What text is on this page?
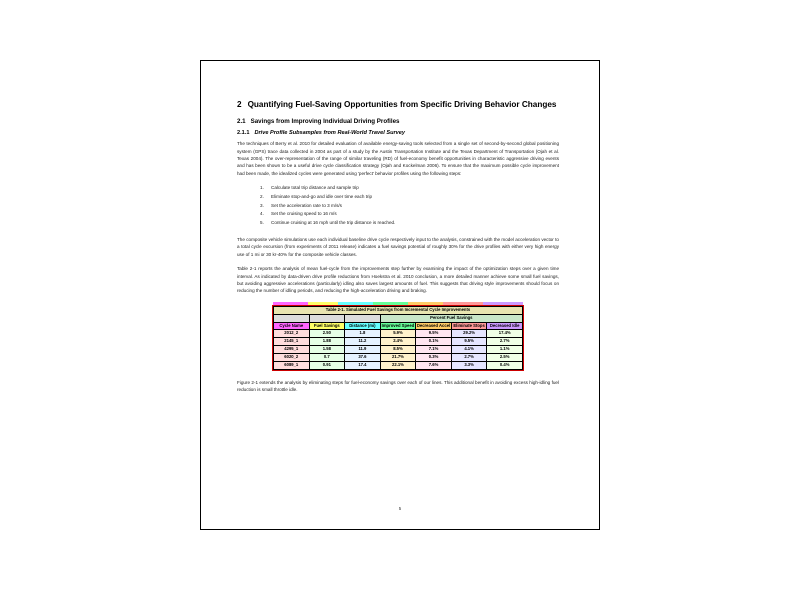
2 Quantifying Fuel-Saving Opportunities from Specific Driving Behavior Changes
2.1 Savings from Improving Individual Driving Profiles
2.1.1 Drive Profile Subsamples from Real-World Travel Survey

The techniques of Berry et al. 2010 for detailed evaluation of available energy-saving tools selected from a single set of second-by-second global positioning system (GPS) trace data collected in 2004 as part of a study by the Austin Transportation Institute and the Texas Department of Transportation (Ojah et al. Texas 2004). The over-representation of the range of similar traveling (RD) of fuel-economy benefit opportunities in characteristic aggressive driving events and has been shown to be a useful drive cycle classification strategy (Ojah and Kockelman 2006). To ensure that the maximum possible cycle improvement had been made, the idealized cycles were generated using 'perfect' behavior profiles using the following steps:

Calculate total trip distance and sample trip
Eliminate stop-and-go and idle over time each trip
Set the acceleration rate to 3 m/s/s
Set the cruising speed to 16 m/s
Continue cruising at 16 mph until the trip distance is reached.

The composite vehicle simulations use each individual baseline drive cycle respectively input to the analysis, constrained with the model acceleration vector to a total cycle excursion (from experiments of 2011 release) indicates a fuel savings potential of roughly 30% for the drive profiles with either very high energy use of 1 mi or 30 kr-40% for the composite vehicle classes.

Table 2-1 reports the analysis of mean fuel-cycle from the improvements step further by examining the impact of the optimization steps over a given time interval. As indicated by data-driven drive profile reductions from Hoekstra et al. 2010 conclusion, a more detailed manner achieve some small fuel savings, but avoiding aggressive accelerations (particularly) idling also saves largest amounts of fuel. This suggests that driving style improvements should focus on reducing the number of idling periods, and reducing the high-acceleration driving and braking.

Table 2-1. Simulated Fuel Savings from Incremental Cycle Improvements						
			Percent Fuel Savings			
Cycle Name	Fuel Savings	Distance (mi)	Improved Speed	Decreased Accel	Eliminate Stops	Decreased Idle
2012_2	2.50	1.8	5.9%	9.5%	29.2%	17.4%
2145_1	1.88	11.2	2.4%	0.1%	9.5%	2.7%
4295_1	1.58	11.9	8.5%	7.1%	4.1%	1.1%
6020_2	0.7	37.6	21.7%	0.3%	2.7%	2.5%
6089_1	0.91	17.4	22.1%	7.6%	3.3%	0.4%

Figure 2-1 extends the analysis by eliminating steps for fuel-economy savings over each of our lines. This additional benefit in avoiding excess high-idling fuel reduction is small throttle idle.

5
